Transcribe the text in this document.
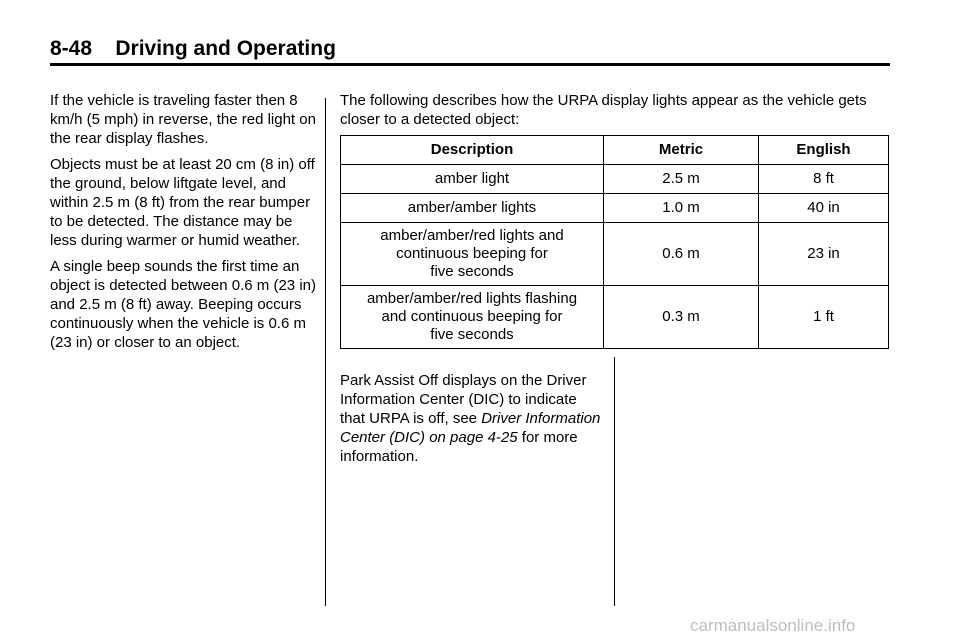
8-48 Driving and Operating

If the vehicle is traveling faster then 8 km/h (5 mph) in reverse, the red light on the rear display flashes.

Objects must be at least 20 cm (8 in) off the ground, below liftgate level, and within 2.5 m (8 ft) from the rear bumper to be detected. The distance may be less during warmer or humid weather.

A single beep sounds the first time an object is detected between 0.6 m (23 in) and 2.5 m (8 ft) away. Beeping occurs continuously when the vehicle is 0.6 m (23 in) or closer to an object.

The following describes how the URPA display lights appear as the vehicle gets closer to a detected object:

Description	Metric	English
amber light	2.5 m	8 ft
amber/amber lights	1.0 m	40 in
amber/amber/red lights and
continuous beeping for
five seconds	0.6 m	23 in
amber/amber/red lights flashing
and continuous beeping for
five seconds	0.3 m	1 ft
Park Assist Off displays on the Driver Information Center (DIC) to indicate that URPA is off, see Driver Information Center (DIC) on page 4‑25 for more information.
carmanualsonline.info
